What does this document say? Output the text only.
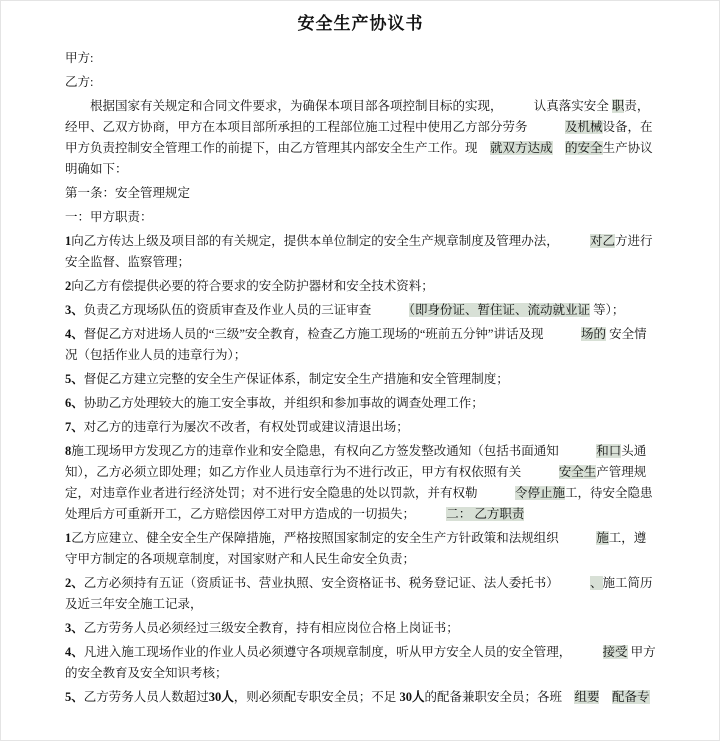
安全生产协议书

甲方:

乙方:

根据国家有关规定和合同文件要求，为确保本项目部各项控制目标的实现，　　　认真落实安全 职责，经甲、乙双方协商，甲方在本项目部所承担的工程部位施工过程中使用乙方部分劳务　　　及机械设备，在甲方负责控制安全管理工作的前提下，由乙方管理其内部安全生产工作。现　就双方达成　 的安全生产协议明确如下：

第一条：安全管理规定

一：甲方职责：

1向乙方传达上级及项目部的有关规定，提供本单位制定的安全生产规章制度及管理办法，　　　对乙方进行安全监督、监察管理；

2向乙方有偿提供必要的符合要求的安全防护器材和安全技术资料；

3、负责乙方现场队伍的资质审查及作业人员的三证审查　　　（即身份证、暂住证、流动就业证 等）；

4、督促乙方对进场人员的“三级”安全教育，检查乙方施工现场的“班前五分钟”讲话及现　　　场的 安全情况（包括作业人员的违章行为）；

5、督促乙方建立完整的安全生产保证体系，制定安全生产措施和安全管理制度；

6、协助乙方处理较大的施工安全事故，并组织和参加事故的调查处理工作；

7、对乙方的违章行为屡次不改者，有权处罚或建议清退出场；

8施工现场甲方发现乙方的违章作业和安全隐患，有权向乙方签发整改通知（包括书面通知　　　和口头通知），乙方必须立即处理；如乙方作业人员违章行为不进行改正，甲方有权依照有关　　　安全生产管理规定，对违章作业者进行经济处罚；对不进行安全隐患的处以罚款，并有权勒　　　令停止施工，待安全隐患处理后方可重新开工，乙方赔偿因停工对甲方造成的一切损失；　　　二： 乙方职责

1乙方应建立、健全安全生产保障措施，严格按照国家制定的安全生产方针政策和法规组织　　　施工，遵守甲方制定的各项规章制度，对国家财产和人民生命安全负责；

2、乙方必须持有五证（资质证书、营业执照、安全资格证书、税务登记证、法人委托书）　　　、施工简历及近三年安全施工记录，

3、乙方劳务人员必须经过三级安全教育，持有相应岗位合格上岗证书；

4、凡进入施工现场作业的作业人员必须遵守各项规章制度，听从甲方安全人员的安全管理，　　　接受 甲方的安全教育及安全知识考核；

5、乙方劳务人员人数超过30人，则必须配专职安全员；不足 30人的配备兼职安全员；各班　组要　 配备专
